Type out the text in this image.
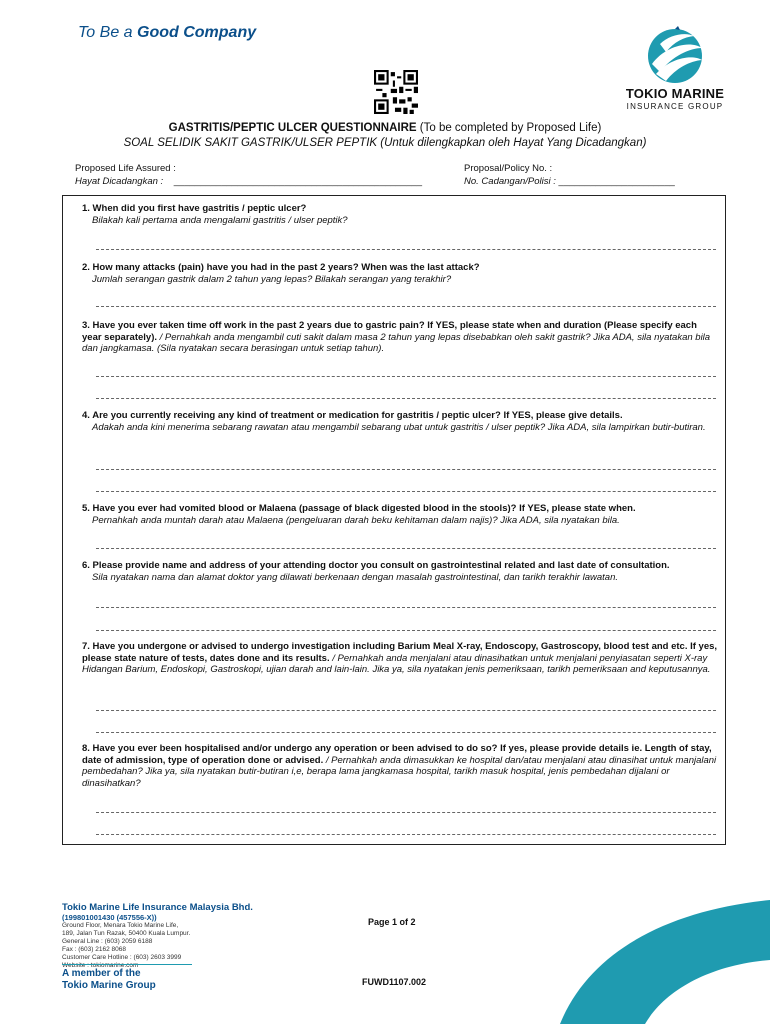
To Be a Good Company
TOKIO MARINE
INSURANCE GROUP
GASTRITIS/PEPTIC ULCER QUESTIONNAIRE (To be completed by Proposed Life)
SOAL SELIDIK SAKIT GASTRIK/ULSER PEPTIK (Untuk dilengkapkan oleh Hayat Yang Dicadangkan)
Proposed Life Assured :
Hayat Dicadangkan : _______________________________________________
Proposal/Policy No. :
No. Cadangan/Polisi : ______________________
1. When did you first have gastritis / peptic ulcer?
Bilakah kali pertama anda mengalami gastritis / ulser peptik?
2. How many attacks (pain) have you had in the past 2 years? When was the last attack?
Jumlah serangan gastrik dalam 2 tahun yang lepas? Bilakah serangan yang terakhir?
3. Have you ever taken time off work in the past 2 years due to gastric pain? If YES, please state when and duration (Please specify each year separately). / Pernahkah anda mengambil cuti sakit dalam masa 2 tahun yang lepas disebabkan oleh sakit gastrik? Jika ADA, sila nyatakan bila dan jangkamasa. (Sila nyatakan secara berasingan untuk setiap tahun).
4. Are you currently receiving any kind of treatment or medication for gastritis / peptic ulcer? If YES, please give details.
Adakah anda kini menerima sebarang rawatan atau mengambil sebarang ubat untuk gastritis / ulser peptik? Jika ADA, sila lampirkan butir-butiran.
5. Have you ever had vomited blood or Malaena (passage of black digested blood in the stools)? If YES, please state when.
Pernahkah anda muntah darah atau Malaena (pengeluaran darah beku kehitaman dalam najis)? Jika ADA, sila nyatakan bila.
6. Please provide name and address of your attending doctor you consult on gastrointestinal related and last date of consultation.
Sila nyatakan nama dan alamat doktor yang dilawati berkenaan dengan masalah gastrointestinal, dan tarikh terakhir lawatan.
7. Have you undergone or advised to undergo investigation including Barium Meal X-ray, Endoscopy, Gastroscopy, blood test and etc. If yes, please state nature of tests, dates done and its results. / Pernahkah anda menjalani atau dinasihatkan untuk menjalani penyiasatan seperti X-ray Hidangan Barium, Endoskopi, Gastroskopi, ujian darah and lain-lain. Jika ya, sila nyatakan jenis pemeriksaan, tarikh pemeriksaan and keputusannya.
8. Have you ever been hospitalised and/or undergo any operation or been advised to do so? If yes, please provide details ie. Length of stay, date of admission, type of operation done or advised. / Pernahkah anda dimasukkan ke hospital dan/atau menjalani atau dinasihat untuk manjalani pembedahan? Jika ya, sila nyatakan butir-butiran i,e, berapa lama jangkamasa hospital, tarikh masuk hospital, jenis pembedahan dijalani or dinasihatkan?
Tokio Marine Life Insurance Malaysia Bhd.
(199801001430 (457556-X))
Ground Floor, Menara Tokio Marine Life,
189, Jalan Tun Razak, 50400 Kuala Lumpur.
General Line : (603) 2059 6188
Fax : (603) 2162 8068
Customer Care Hotline : (603) 2603 3999
Website : tokiomarine.com
A member of the
Tokio Marine Group
Page 1 of 2
FUWD1107.002
